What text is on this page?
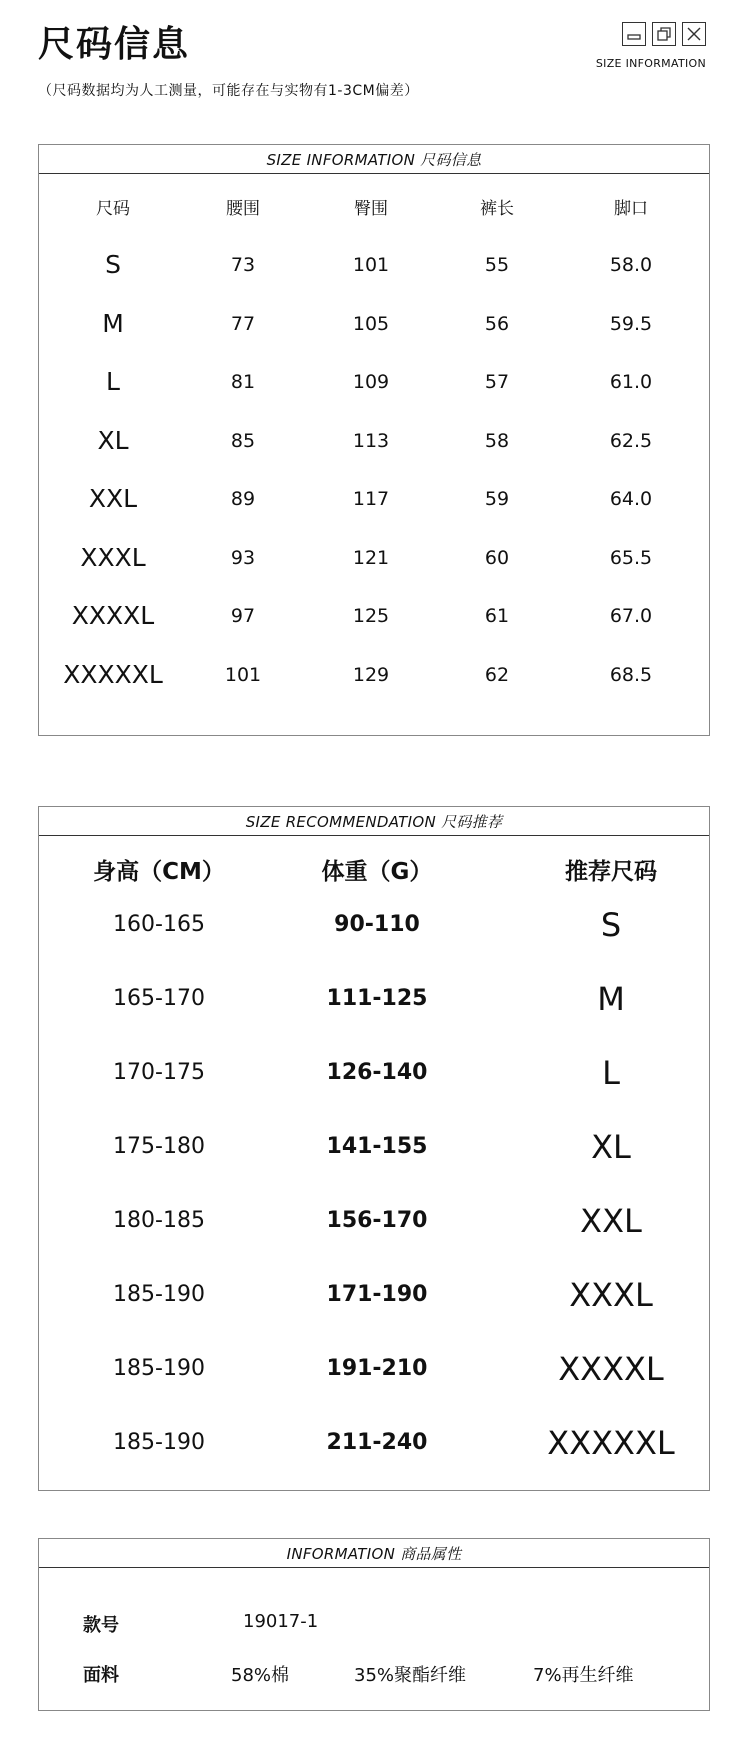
尺码信息
（尺码数据均为人工测量，可能存在与实物有1-3CM偏差）
SIZE INFORMATION
SIZE INFORMATION 尺码信息
尺码	腰围	臀围	裤长	脚口
S	73	101	55	58.0
M	77	105	56	59.5
L	81	109	57	61.0
XL	85	113	58	62.5
XXL	89	117	59	64.0
XXXL	93	121	60	65.5
XXXXL	97	125	61	67.0
XXXXXL	101	129	62	68.5
SIZE RECOMMENDATION 尺码推荐
身高（CM）	体重（G）	推荐尺码
160-165	90-110	S
165-170	111-125	M
170-175	126-140	L
175-180	141-155	XL
180-185	156-170	XXL
185-190	171-190	XXXL
185-190	191-210	XXXXL
185-190	211-240	XXXXXL
INFORMATION 商品属性
款号	19017-1
面料	58%棉	35%聚酯纤维	7%再生纤维
